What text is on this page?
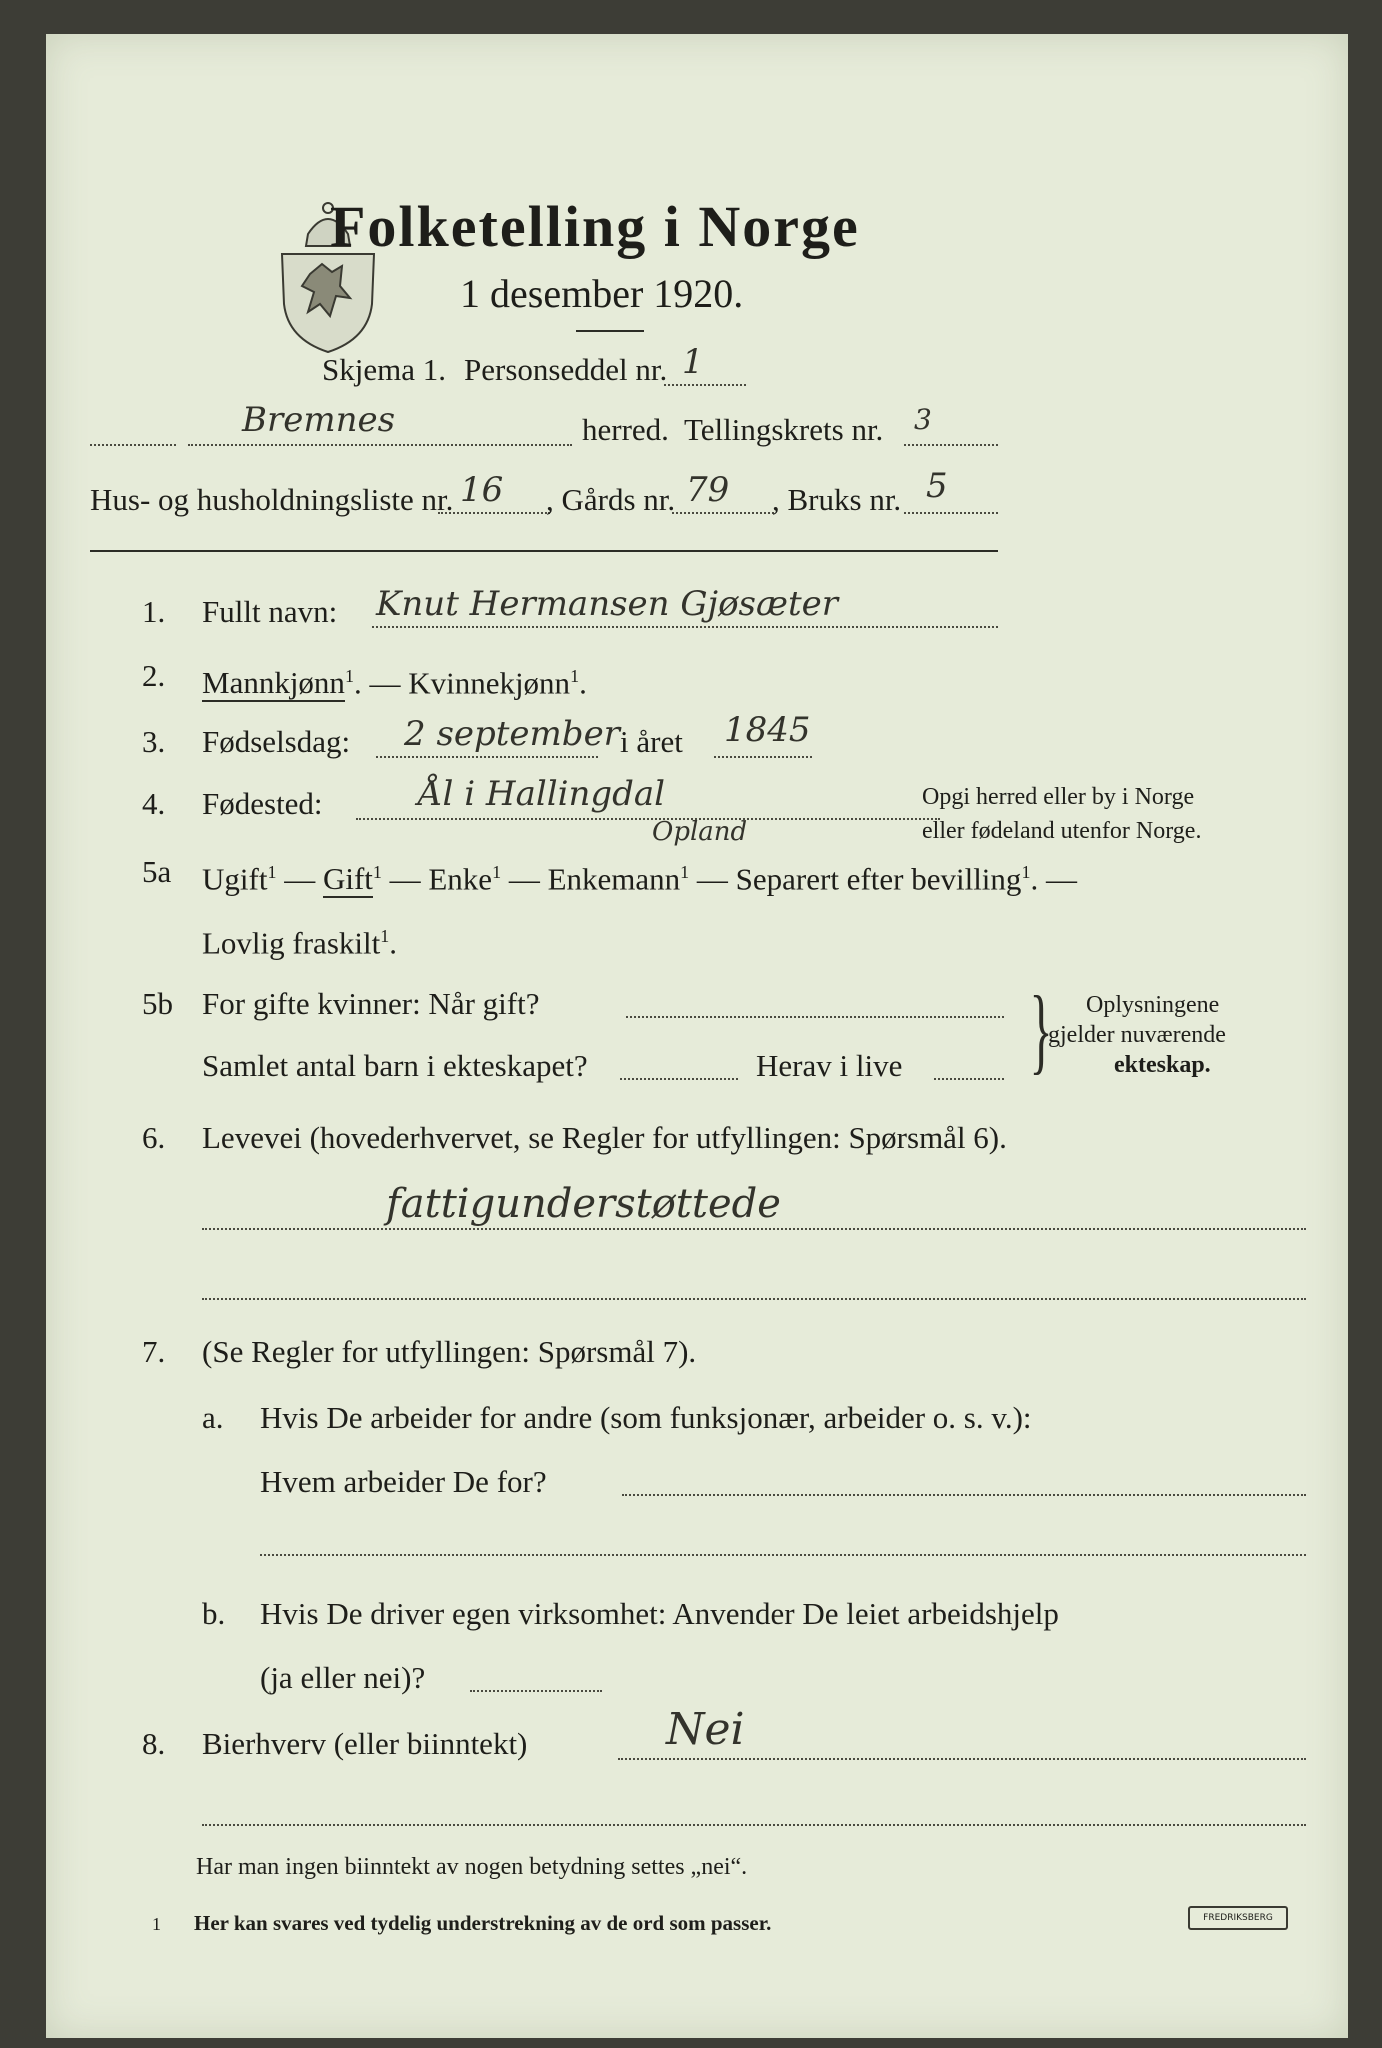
Folketelling i Norge
1 desember 1920.
Skjema 1. Personseddel nr. 1
Bremnes	herred. Tellingskrets nr. 3
Hus- og husholdningsliste nr. 16 , Gårds nr. 79 , Bruks nr. 5
1. Fullt navn: Knut Hermansen Gjøsæter
2. Mannkjønn$^1$. — Kvinnekjønn$^1$.
3. Fødselsdag: 2 september i året 1845
4. Fødested:	Ål i Hallingdal
Opland
Opgi herred eller by i Norge
eller fødeland utenfor Norge.
5a Ugift$^1$ — Gift$^1$ — Enke$^1$ — Enkemann$^1$ — Separert efter bevilling$^1$. —
Lovlig fraskilt$^1$.
5b For gifte kvinner: Når gift?
Samlet antal barn i ekteskapet?	Herav i live } Oplysningene
gjelder nuværende
ekteskap.
6. Levevei (hovederhvervet, se Regler for utfyllingen: Spørsmål 6).
fattigunderstøttede
7. (Se Regler for utfyllingen: Spørsmål 7).
a. Hvis De arbeider for andre (som funksjonær, arbeider o. s. v.):
Hvem arbeider De for?
b. Hvis De driver egen virksomhet: Anvender De leiet arbeidshjelp
(ja eller nei)?
8. Bierhverv (eller biinntekt)	Nei
Har man ingen biinntekt av nogen betydning settes „nei“.
1 Her kan svares ved tydelig understrekning av de ord som passer.	FREDRIKSBERG
